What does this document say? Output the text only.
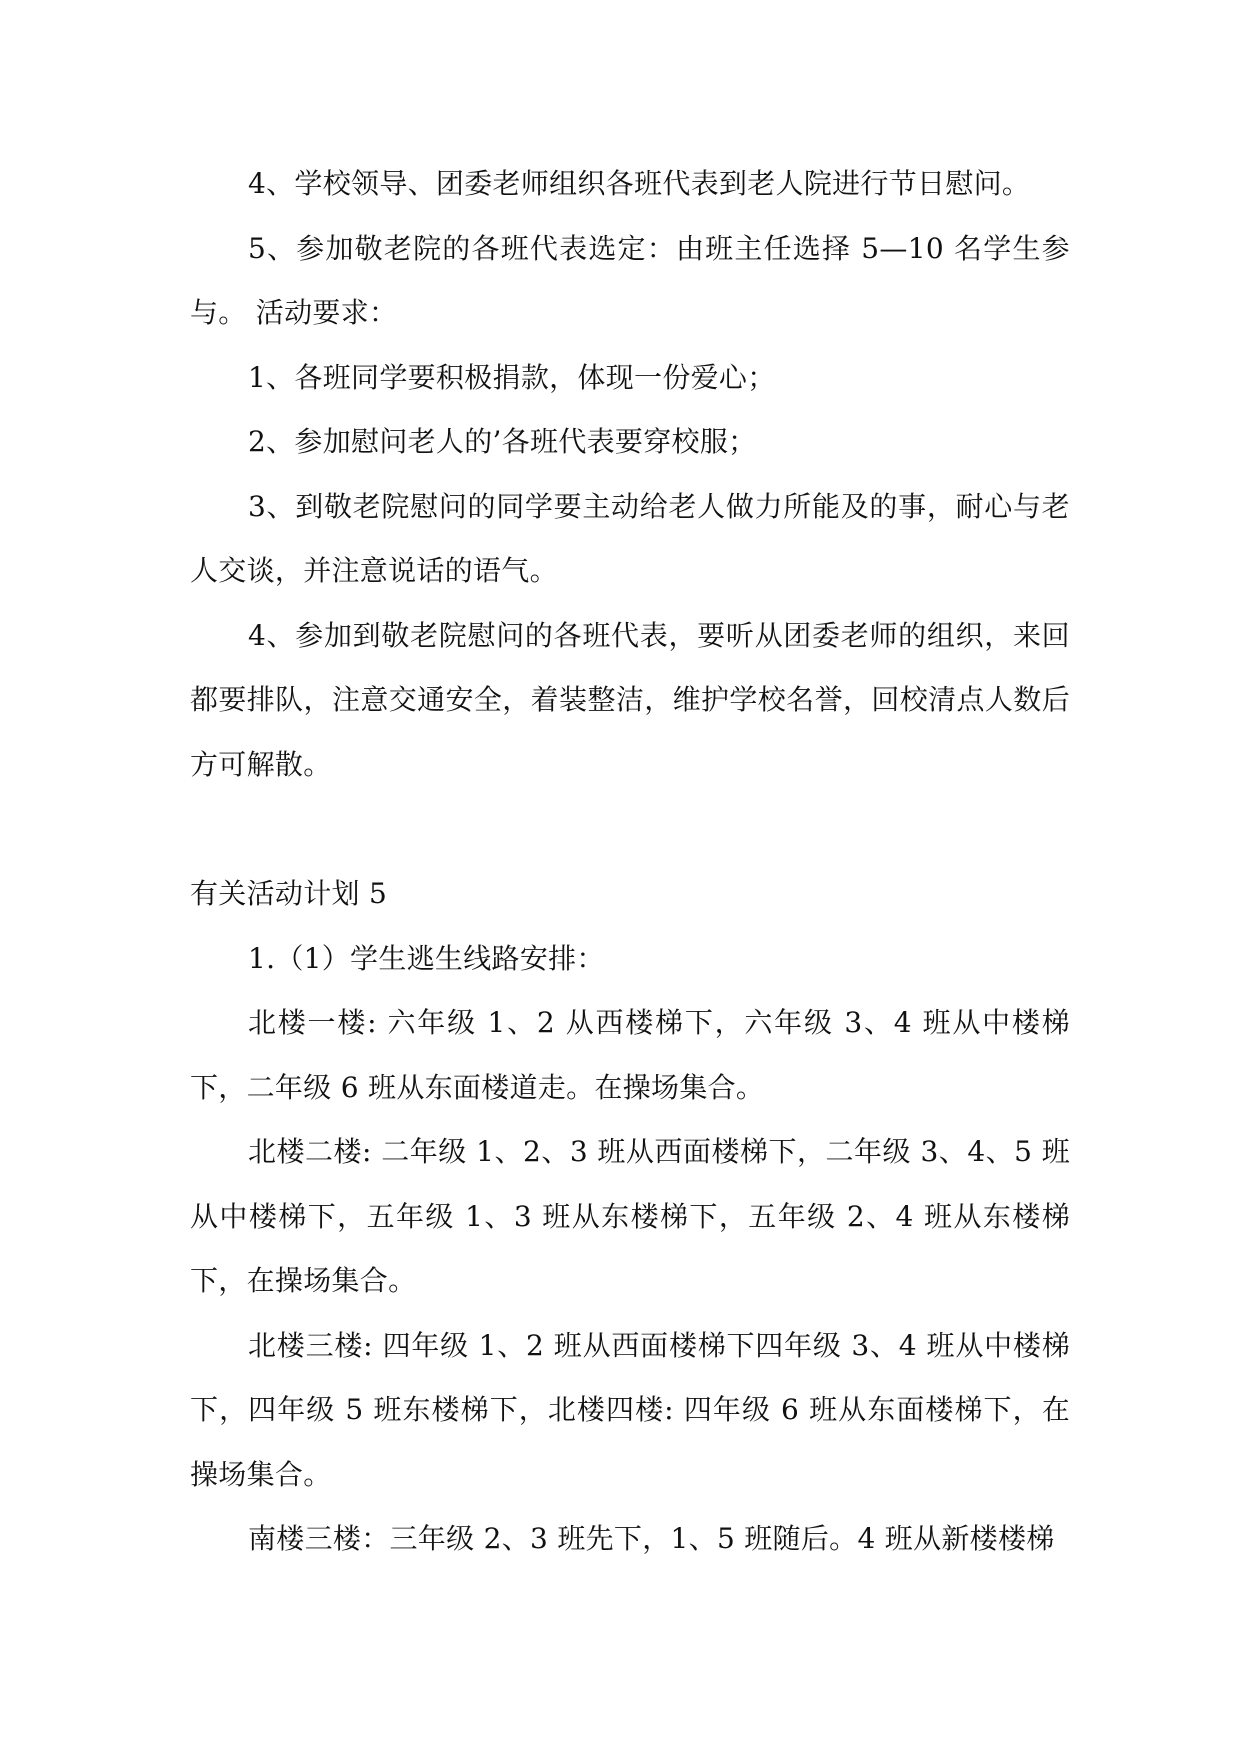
4、学校领导、团委老师组织各班代表到老人院进行节日慰问。

5、参加敬老院的各班代表选定：由班主任选择 5—10 名学生参与。 活动要求：

1、各班同学要积极捐款，体现一份爱心；

2、参加慰问老人的’各班代表要穿校服；

3、到敬老院慰问的同学要主动给老人做力所能及的事，耐心与老人交谈，并注意说话的语气。

4、参加到敬老院慰问的各班代表，要听从团委老师的组织，来回都要排队，注意交通安全，着装整洁，维护学校名誉，回校清点人数后方可解散。

有关活动计划 5

1.（1）学生逃生线路安排：

北楼一楼: 六年级 1、2 从西楼梯下，六年级 3、4 班从中楼梯下，二年级 6 班从东面楼道走。在操场集合。

北楼二楼: 二年级 1、2、3 班从西面楼梯下，二年级 3、4、5 班从中楼梯下，五年级 1、3 班从东楼梯下，五年级 2、4 班从东楼梯下，在操场集合。

北楼三楼: 四年级 1、2 班从西面楼梯下四年级 3、4 班从中楼梯下，四年级 5 班东楼梯下，北楼四楼: 四年级 6 班从东面楼梯下，在操场集合。

南楼三楼：三年级 2、3 班先下，1、5 班随后。4 班从新楼楼梯
